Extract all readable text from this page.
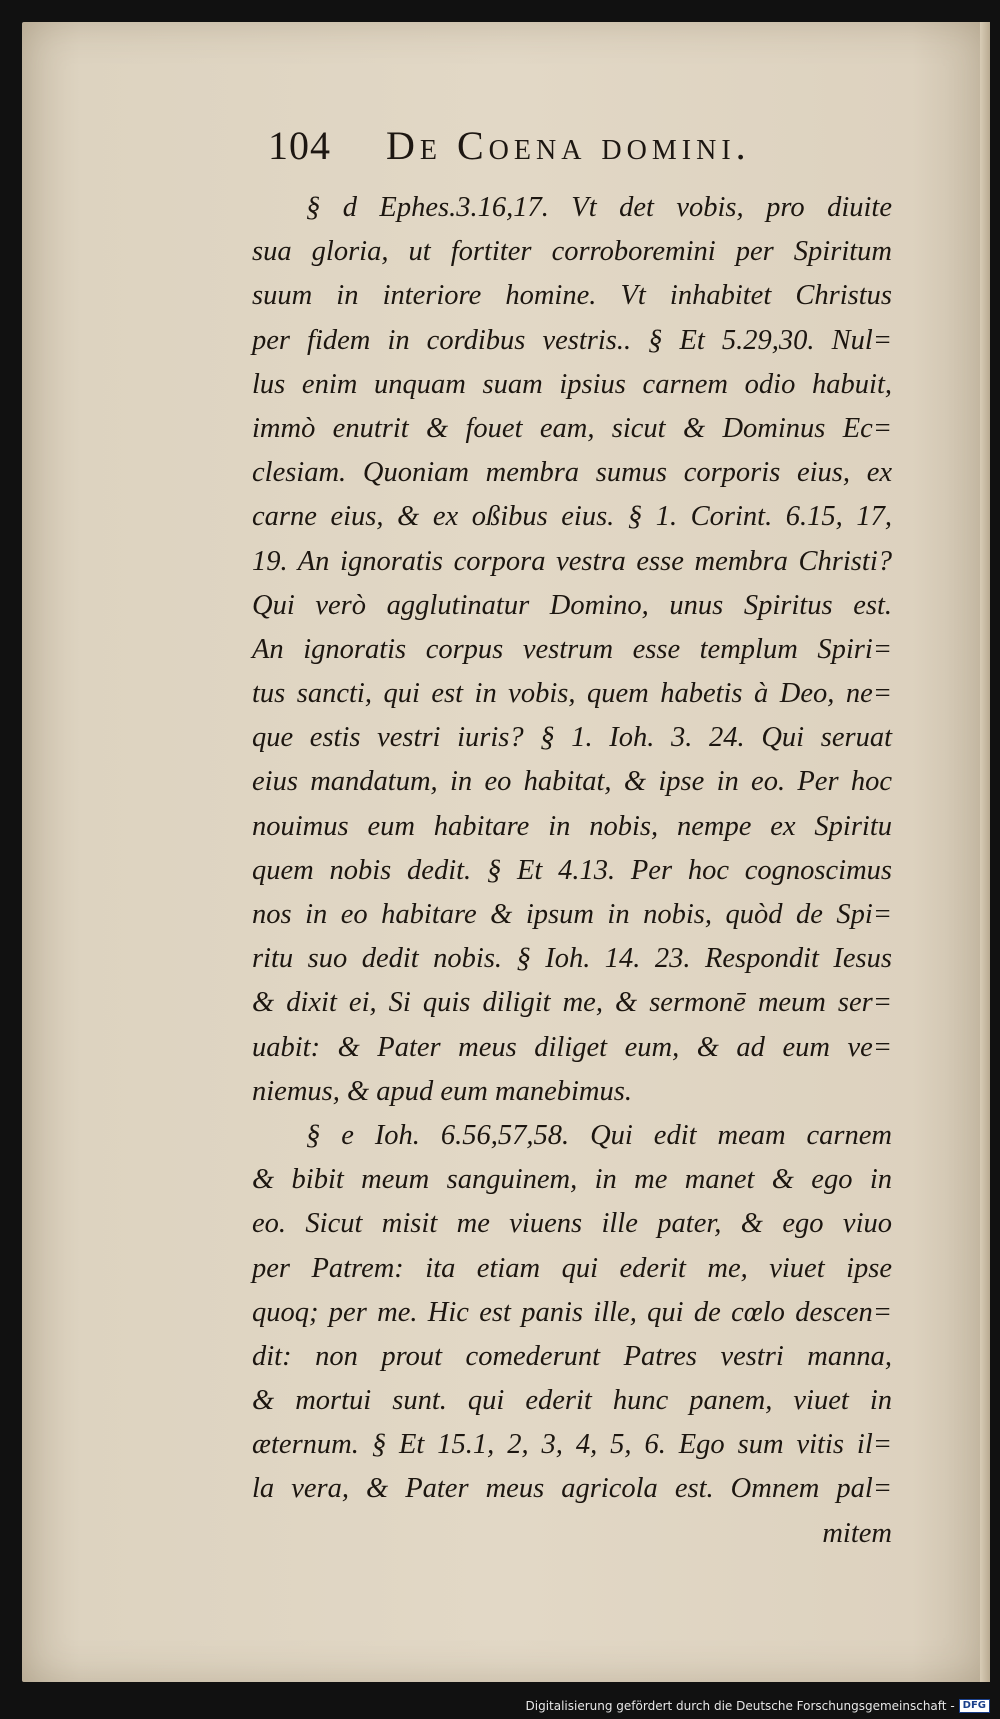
104 De Coena domini.
§ d Ephes.3.16,17. Vt det vobis, pro diuite
sua gloria, ut fortiter corroboremini per Spiritum
suum in interiore homine. Vt inhabitet Christus
per fidem in cordibus vestris.. § Et 5.29,30. Nul=
lus enim unquam suam ipsius carnem odio habuit,
immò enutrit & fouet eam, sicut & Dominus Ec=
clesiam. Quoniam membra sumus corporis eius, ex
carne eius, & ex oßibus eius. § 1. Corint. 6.15, 17,
19. An ignoratis corpora vestra esse membra Christi?
Qui verò agglutinatur Domino, unus Spiritus est.
An ignoratis corpus vestrum esse templum Spiri=
tus sancti, qui est in vobis, quem habetis à Deo, ne=
que estis vestri iuris? § 1. Ioh. 3. 24. Qui seruat
eius mandatum, in eo habitat, & ipse in eo. Per hoc
nouimus eum habitare in nobis, nempe ex Spiritu
quem nobis dedit. § Et 4.13. Per hoc cognoscimus
nos in eo habitare & ipsum in nobis, quòd de Spi=
ritu suo dedit nobis. § Ioh. 14. 23. Respondit Iesus
& dixit ei, Si quis diligit me, & sermonē meum ser=
uabit: & Pater meus diliget eum, & ad eum ve=
niemus, & apud eum manebimus.
§ e Ioh. 6.56,57,58. Qui edit meam carnem
& bibit meum sanguinem, in me manet & ego in
eo. Sicut misit me viuens ille pater, & ego viuo
per Patrem: ita etiam qui ederit me, viuet ipse
quoq; per me. Hic est panis ille, qui de cœlo descen=
dit: non prout comederunt Patres vestri manna,
& mortui sunt. qui ederit hunc panem, viuet in
æternum. § Et 15.1, 2, 3, 4, 5, 6. Ego sum vitis il=
la vera, & Pater meus agricola est. Omnem pal=
mitem
Digitalisierung gefördert durch die Deutsche Forschungsgemeinschaft - DFG
